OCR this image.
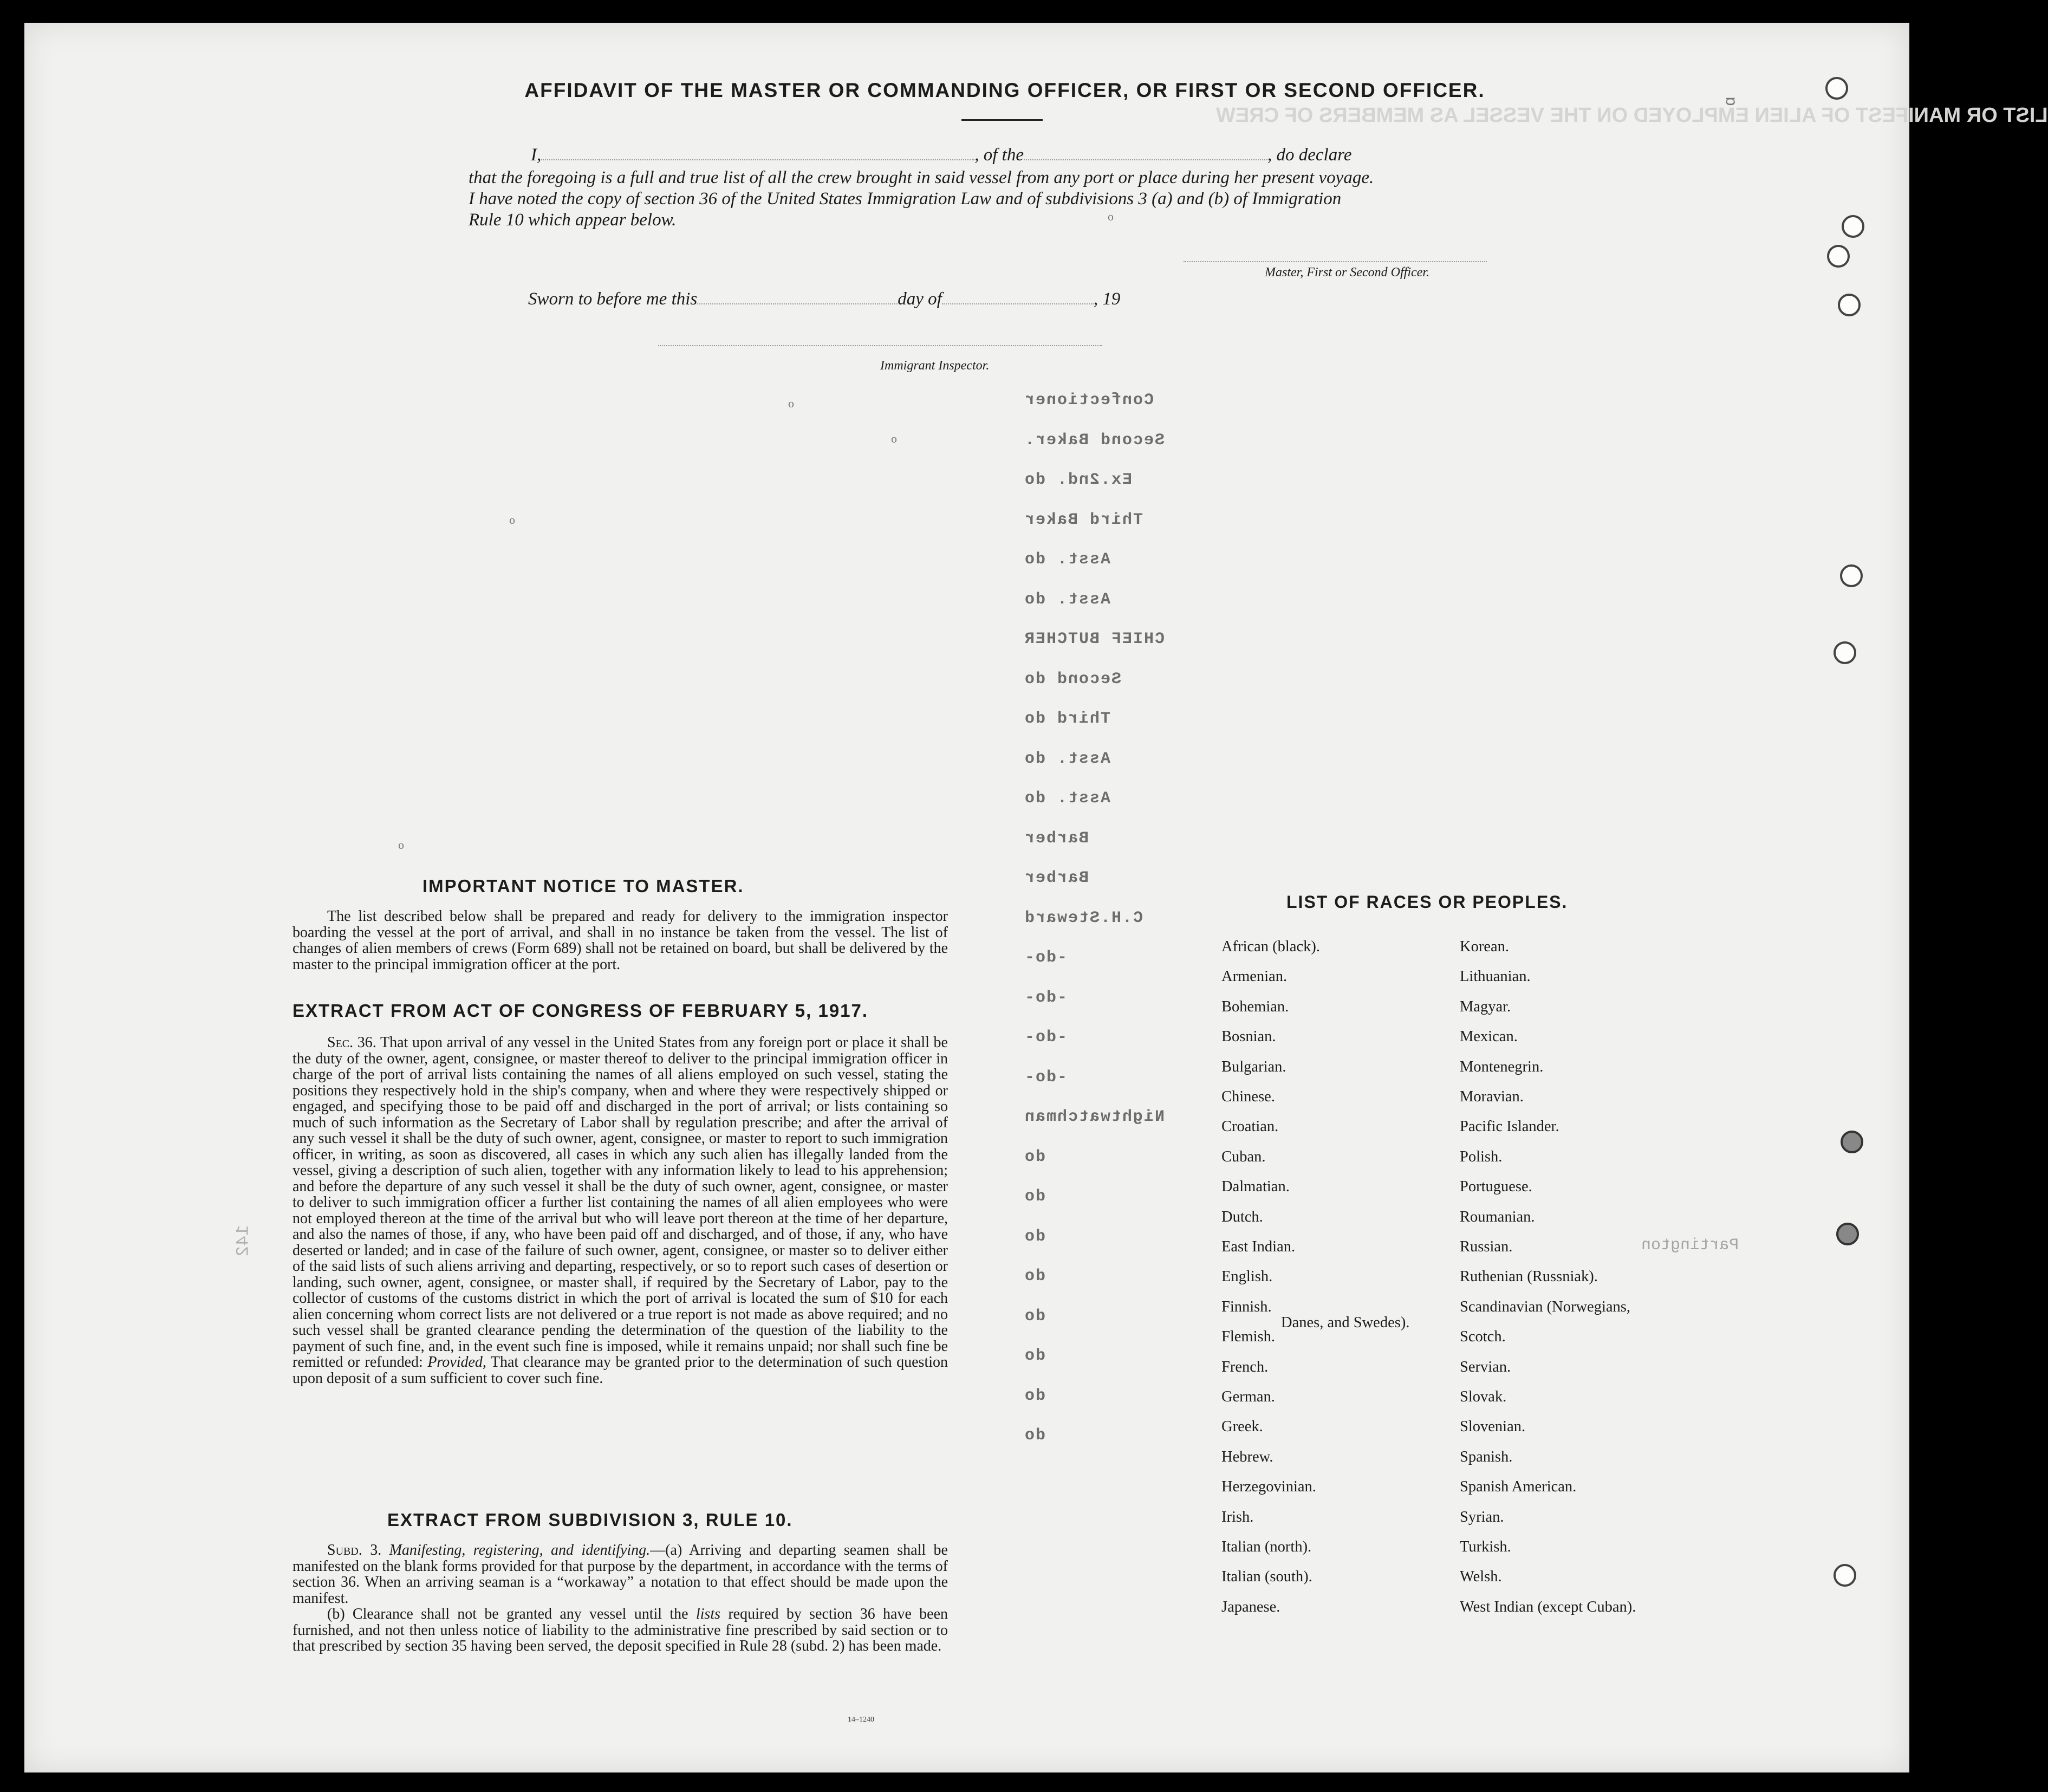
LIST OR MANIFEST OF ALIEN EMPLOYED ON THE VESSEL AS MEMBERS OF CREW
142	Partington
AFFIDAVIT OF THE MASTER OR COMMANDING OFFICER, OR FIRST OR SECOND OFFICER.
I,	, of the	, do declare
that the foregoing is a full and true list of all the crew brought in said vessel from any port or place during her present voyage.
I have noted the copy of section 36 of the United States Immigration Law and of subdivisions 3 (a) and (b) of Immigration
Rule 10 which appear below.
Master, First or Second Officer.
Sworn to before me this	day of	, 19
Immigrant Inspector.
Confectioner
Second Baker.
Ex.2nd. do
Third Baker
Asst. do
Asst. do
CHIEF BUTCHER
Second do
Third do
Asst. do
Asst. do
Barber
Barber
C.H.Steward
-do-
-do-
-do-
-do-
Nightwatchman
do
do
do
do
do
do
do
do
IMPORTANT NOTICE TO MASTER.

The list described below shall be prepared and ready for delivery to the immigration inspector boarding the vessel at the port of arrival, and shall in no instance be taken from the vessel. The list of changes of alien members of crews (Form 689) shall not be retained on board, but shall be delivered by the master to the principal immigration officer at the port.

EXTRACT FROM ACT OF CONGRESS OF FEBRUARY 5, 1917.

Sec. 36. That upon arrival of any vessel in the United States from any foreign port or place it shall be the duty of the owner, agent, consignee, or master thereof to deliver to the principal immigration officer in charge of the port of arrival lists containing the names of all aliens employed on such vessel, stating the positions they respectively hold in the ship's company, when and where they were respectively shipped or engaged, and specifying those to be paid off and discharged in the port of arrival; or lists containing so much of such information as the Secretary of Labor shall by regulation prescribe; and after the arrival of any such vessel it shall be the duty of such owner, agent, consignee, or master to report to such immigration officer, in writing, as soon as discovered, all cases in which any such alien has illegally landed from the vessel, giving a description of such alien, together with any information likely to lead to his apprehension; and before the departure of any such vessel it shall be the duty of such owner, agent, consignee, or master to deliver to such immigration officer a further list containing the names of all alien employees who were not employed thereon at the time of the arrival but who will leave port thereon at the time of her departure, and also the names of those, if any, who have been paid off and discharged, and of those, if any, who have deserted or landed; and in case of the failure of such owner, agent, consignee, or master so to deliver either of the said lists of such aliens arriving and departing, respectively, or so to report such cases of desertion or landing, such owner, agent, consignee, or master shall, if required by the Secretary of Labor, pay to the collector of customs of the customs district in which the port of arrival is located the sum of $10 for each alien concerning whom correct lists are not delivered or a true report is not made as above required; and no such vessel shall be granted clearance pending the determination of the question of the liability to the payment of such fine, and, in the event such fine is imposed, while it remains unpaid; nor shall such fine be remitted or refunded: Provided, That clearance may be granted prior to the determination of such question upon deposit of a sum sufficient to cover such fine.

EXTRACT FROM SUBDIVISION 3, RULE 10.

Subd. 3. Manifesting, registering, and identifying.—(a) Arriving and departing seamen shall be manifested on the blank forms provided for that purpose by the department, in accordance with the terms of section 36. When an arriving seaman is a “workaway” a notation to that effect should be made upon the manifest.

(b) Clearance shall not be granted any vessel until the lists required by section 36 have been furnished, and not then unless notice of liability to the administrative fine prescribed by said section or to that prescribed by section 35 having been served, the deposit specified in Rule 28 (subd. 2) has been made.

14–1240
LIST OF RACES OR PEOPLES.
African (black).
Armenian.
Bohemian.
Bosnian.
Bulgarian.
Chinese.
Croatian.
Cuban.
Dalmatian.
Dutch.
East Indian.
English.
Finnish.
Flemish.
French.
German.
Greek.
Hebrew.
Herzegovinian.
Irish.
Italian (north).
Italian (south).
Japanese.
Korean.
Lithuanian.
Magyar.
Mexican.
Montenegrin.
Moravian.
Pacific Islander.
Polish.
Portuguese.
Roumanian.
Russian.
Ruthenian (Russniak).
Scandinavian (Norwegians,
Danes, and Swedes).
Scotch.
Servian.
Slovak.
Slovenian.
Spanish.
Spanish American.
Syrian.
Turkish.
Welsh.
West Indian (except Cuban).
ɑ
o
o
o
o
o
